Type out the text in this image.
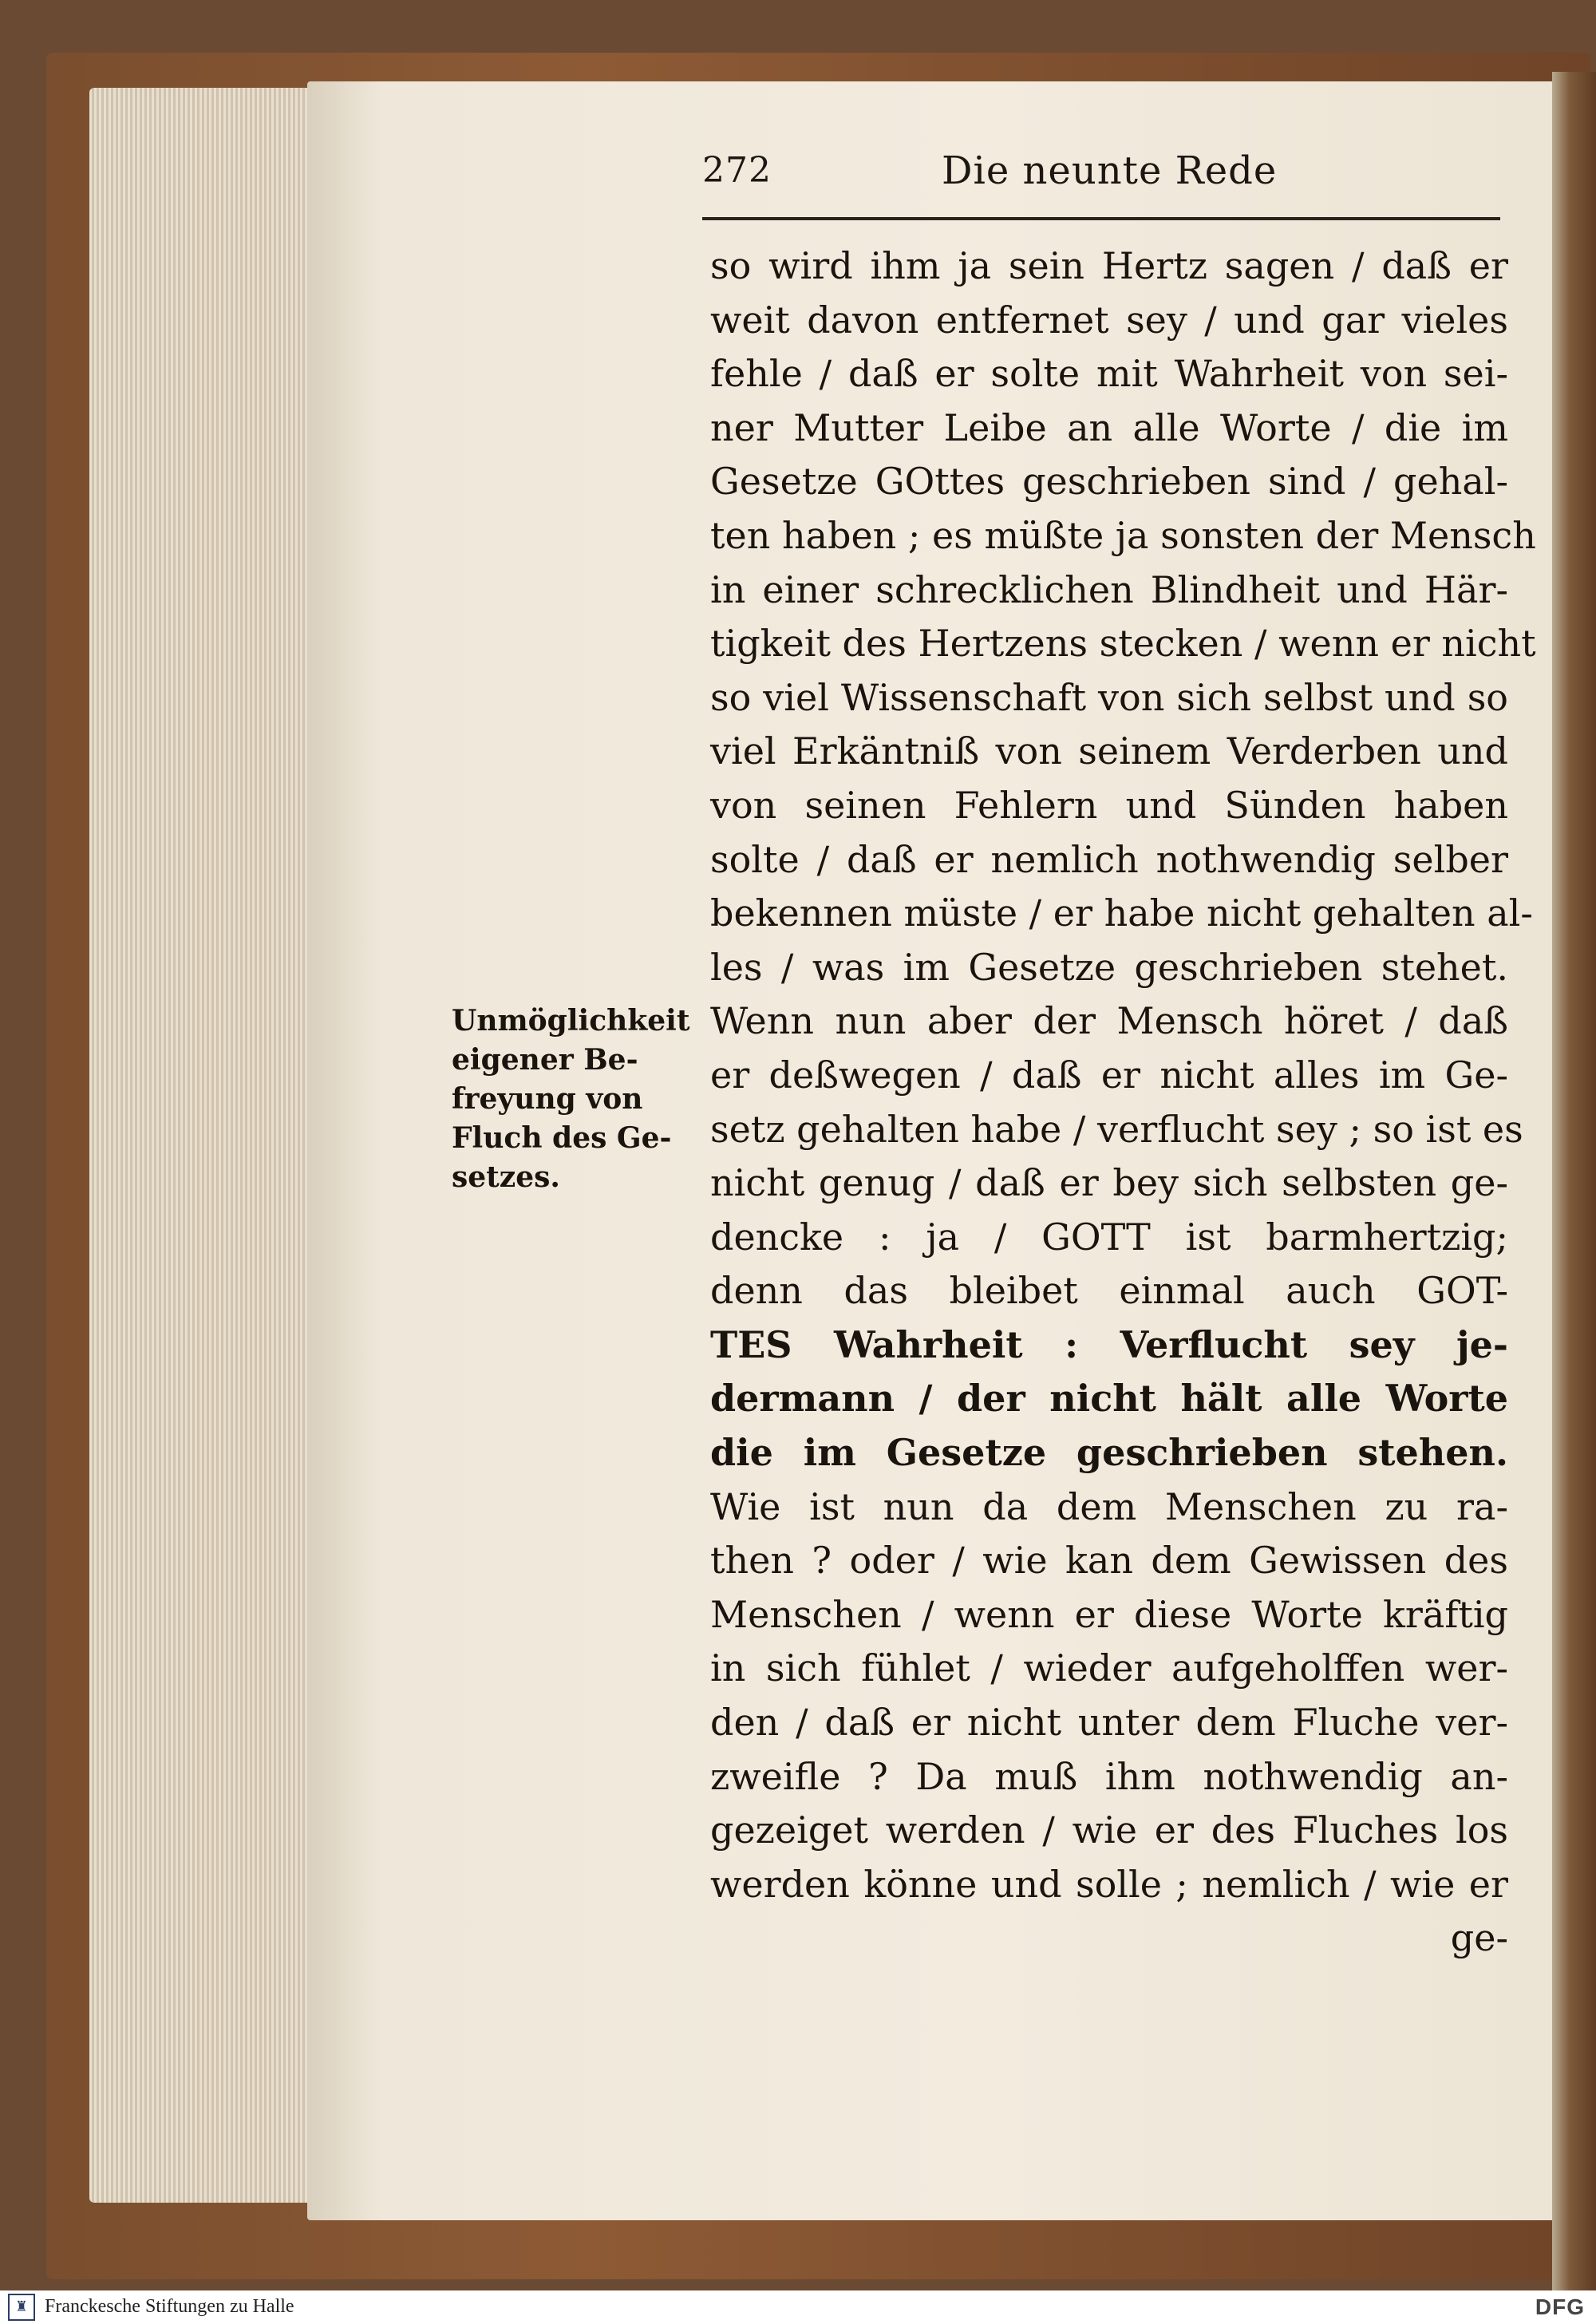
272	Die neunte Rede
Unmöglichkeit
eigener Be-
freyung von
Fluch des Ge-
setzes.
so wird ihm ja sein Hertz sagen / daß er
weit davon entfernet sey / und gar vieles
fehle / daß er solte mit Wahrheit von sei-
ner Mutter Leibe an alle Worte / die im
Gesetze GOttes geschrieben sind / gehal-
ten haben ; es müßte ja sonsten der Mensch
in einer schrecklichen Blindheit und Här-
tigkeit des Hertzens stecken / wenn er nicht
so viel Wissenschaft von sich selbst und so
viel Erkäntniß von seinem Verderben und
von seinen Fehlern und Sünden haben
solte / daß er nemlich nothwendig selber
bekennen müste / er habe nicht gehalten al-
les / was im Gesetze geschrieben stehet.
Wenn nun aber der Mensch höret / daß
er deßwegen / daß er nicht alles im Ge-
setz gehalten habe / verflucht sey ; so ist es
nicht genug / daß er bey sich selbsten ge-
dencke : ja / GOTT ist barmhertzig;
denn das bleibet einmal auch GOT-
TES Wahrheit : Verflucht sey je-
dermann / der nicht hält alle Worte
die im Gesetze geschrieben stehen.
Wie ist nun da dem Menschen zu ra-
then ? oder / wie kan dem Gewissen des
Menschen / wenn er diese Worte kräftig
in sich fühlet / wieder aufgeholffen wer-
den / daß er nicht unter dem Fluche ver-
zweifle ? Da muß ihm nothwendig an-
gezeiget werden / wie er des Fluches los
werden könne und solle ; nemlich / wie er
ge-
♜ Franckesche Stiftungen zu Halle	DFG
